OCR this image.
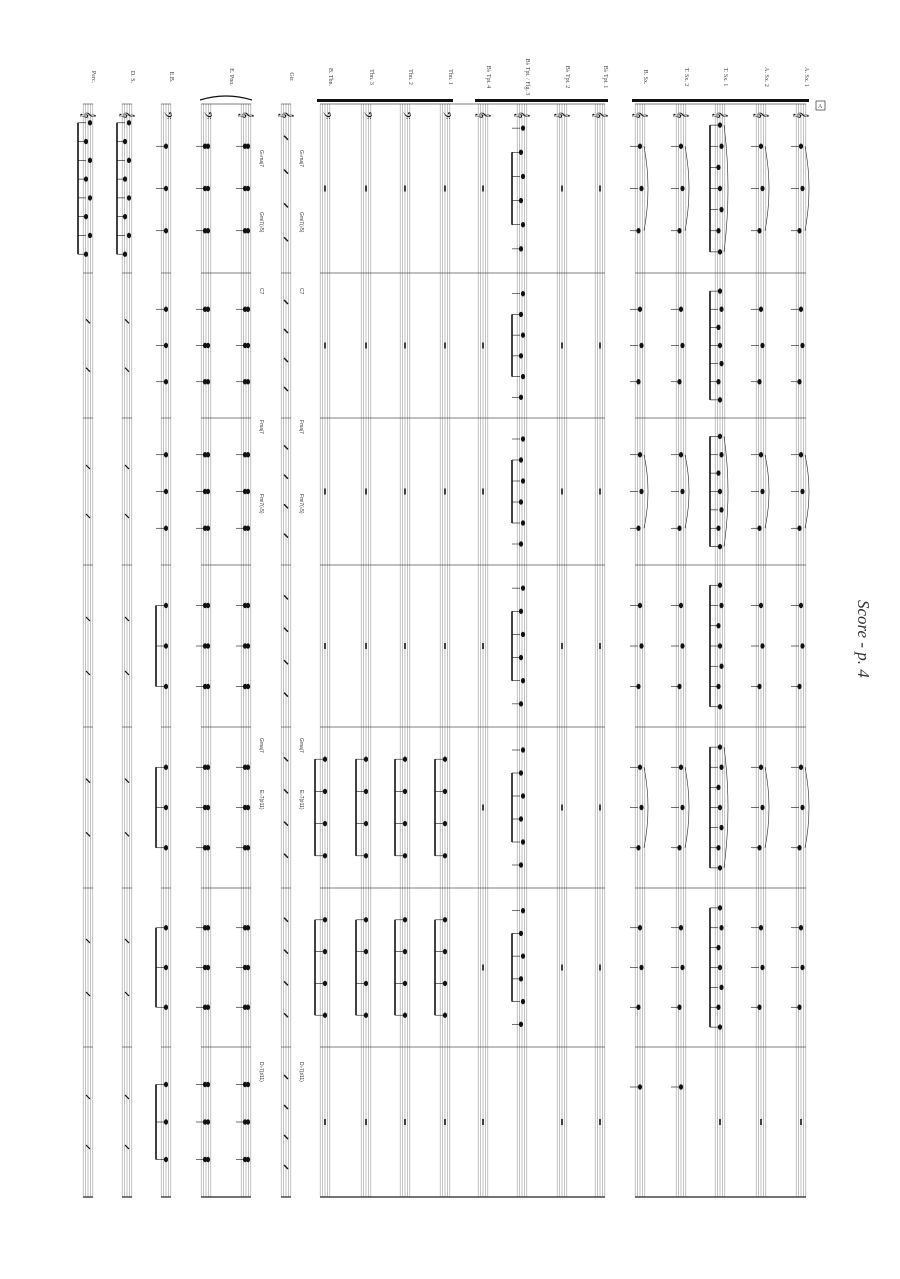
Score - p. 4
𝄞
𝄞
𝄞
𝄞
𝄞
𝄞
𝄞
𝄞
𝄞
𝄢
𝄢
𝄢
𝄢
𝄞
𝄞
𝄢
𝄢
𝄞
𝄞
A
A. Sx. 1
A. Sx. 2
T. Sx. 1
T. Sx. 2
B. Sx.
B♭ Tpt. 1
B♭ Tpt. 2
B♭ Tpt. / Flg. 3
B♭ Tpt. 4
Tbn. 1
Tbn. 2
Tbn. 3
B. Tbn.
Gtr.
E. Pno.
E.B.
D. S.
Perc.
G♭maj7
G♭maj7
Gmi7(♭5)
Gmi7(♭5)
C7
C7
Fmaj7
Fmaj7
Fmi7(♭5)
Fmi7(♭5)
Gmaj7
Gmaj7
E♭7(♯11)
E♭7(♯11)
D♭7(♯11)
D♭7(♯11)
